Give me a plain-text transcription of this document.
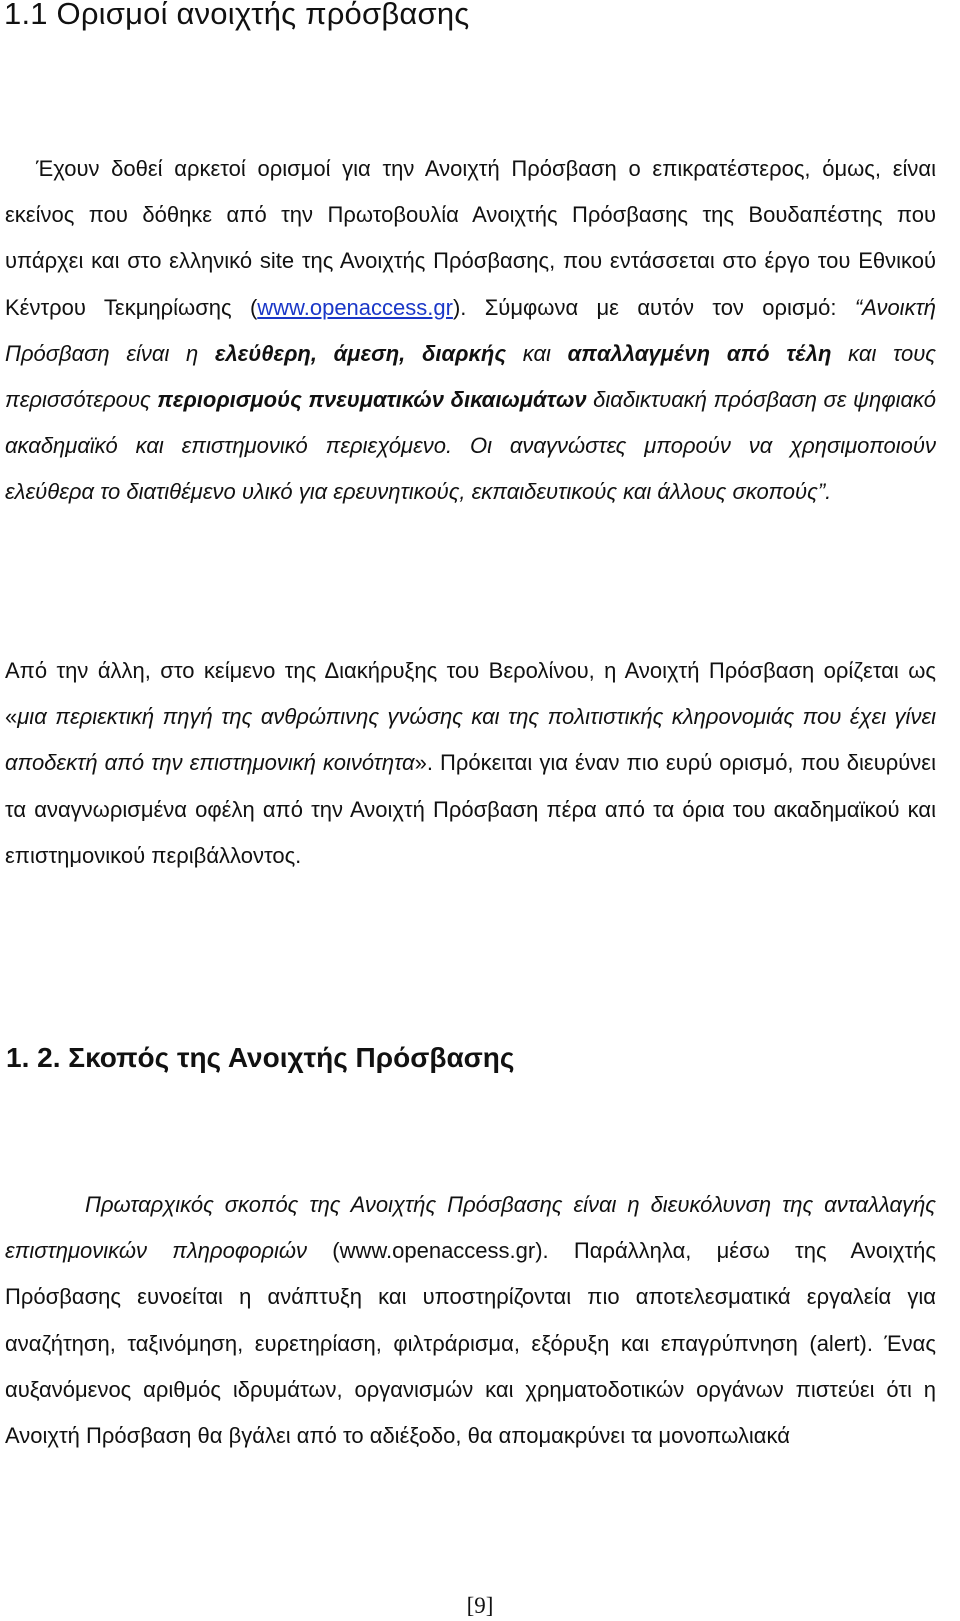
1.1 Ορισμοί ανοιχτής πρόσβασης

Έχουν δοθεί αρκετοί ορισμοί για την Ανοιχτή Πρόσβαση ο επικρατέστερος, όμως, είναι εκείνος που δόθηκε από την Πρωτοβουλία Ανοιχτής Πρόσβασης της Βουδαπέστης που υπάρχει και στο ελληνικό site της Ανοιχτής Πρόσβασης, που εντάσσεται στο έργο του Εθνικού Κέντρου Τεκμηρίωσης (www.openaccess.gr). Σύμφωνα με αυτόν τον ορισμό: “Ανοικτή Πρόσβαση είναι η ελεύθερη, άμεση, διαρκής και απαλλαγμένη από τέλη και τους περισσότερους περιορισμούς πνευματικών δικαιωμάτων διαδικτυακή πρόσβαση σε ψηφιακό ακαδημαϊκό και επιστημονικό περιεχόμενο. Οι αναγνώστες μπορούν να χρησιμοποιούν ελεύθερα το διατιθέμενο υλικό για ερευνητικούς, εκπαιδευτικούς και άλλους σκοπούς”.

Από την άλλη, στο κείμενο της Διακήρυξης του Βερολίνου, η Ανοιχτή Πρόσβαση ορίζεται ως «μια περιεκτική πηγή της ανθρώπινης γνώσης και της πολιτιστικής κληρονομιάς που έχει γίνει αποδεκτή από την επιστημονική κοινότητα». Πρόκειται για έναν πιο ευρύ ορισμό, που διευρύνει τα αναγνωρισμένα οφέλη από την Ανοιχτή Πρόσβαση πέρα από τα όρια του ακαδημαϊκού και επιστημονικού περιβάλλοντος.

1. 2. Σκοπός της Ανοιχτής Πρόσβασης

Πρωταρχικός σκοπός της Ανοιχτής Πρόσβασης είναι η διευκόλυνση της ανταλλαγής επιστημονικών πληροφοριών (www.openaccess.gr). Παράλληλα, μέσω της Ανοιχτής Πρόσβασης ευνοείται η ανάπτυξη και υποστηρίζονται πιο αποτελεσματικά εργαλεία για αναζήτηση, ταξινόμηση, ευρετηρίαση, φιλτράρισμα, εξόρυξη και επαγρύπνηση (alert). Ένας αυξανόμενος αριθμός ιδρυμάτων, οργανισμών και χρηματοδοτικών οργάνων πιστεύει ότι η Ανοιχτή Πρόσβαση θα βγάλει από το αδιέξοδο, θα απομακρύνει τα μονοπωλιακά

[9]
